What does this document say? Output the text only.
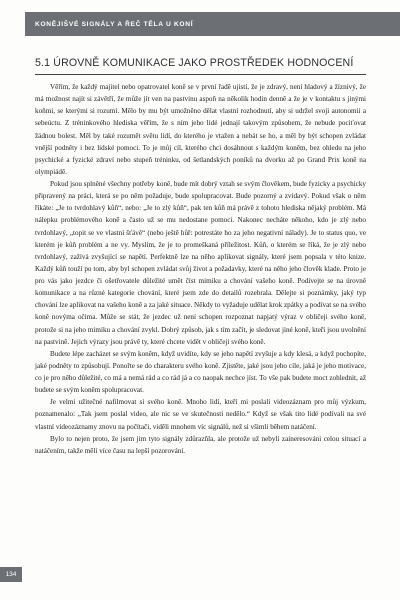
KONĚJIŠVÉ SIGNÁLY A ŘEČ TĚLA U KONÍ
5.1 ÚROVNĚ KOMUNIKACE JAKO PROSTŘEDEK HODNOCENÍ

Věřím, že každý majitel nebo opatrovatel koně se v první řadě ujistí, že je zdravý, není hladový a žíznivý, že má možnost najít si závětří, že může jít ven na pastvinu aspoň na několik hodin denně a že je v kontaktu s jinými koňmi, se kterými si rozumí. Mělo by mu být umožněno dělat vlastní rozhodnutí, aby si udržel svoji autonomii a sebeúctu. Z tréninkového hlediska věřím, že s ním jeho lidé jednají takovým způsobem, že nebude pociťovat žádnou bolest. Měl by také rozumět světu lidí, do kterého je vtažen a nebát se ho, a měl by být schopen zvládat vnější podněty i bez lidské pomoci. To je můj cíl, kterého chci dosáhnout s každým koněm, bez ohledu na jeho psychické a fyzické zdraví nebo stupeň tréninku, od šetlandských poníků na dvorku až po Grand Prix koně na olympiádě.

Pokud jsou splněné všechny potřeby koně, bude mít dobrý vztah se svým člověkem, bude fyzicky a psychicky připravený na práci, která se po něm požaduje, bude spolupracovat. Bude pozorný a zvídavý. Pokud však o něm říkáte: „Je to tvrdohlavý kůň“, nebo: „Je to zlý kůň“, pak ten kůň má právě z tohoto hlediska nějaký problém. Má nálepku problémového koně a často už se mu nedostane pomoci. Nakonec necháte někoho, kdo je zlý nebo tvrdohlavý, „topit se ve vlastní šťávě“ (nebo ještě hůř: potrestáte ho za jeho negativní nálady). Je to status quo, ve kterém je kůň problém a ne vy. Myslím, že je to promeškaná příležitost. Kůň, o kterém se říká, že je zlý nebo tvrdohlavý, zažívá zvyšující se napětí. Perfektně lze na něho aplikovat signály, které jsem popsala v této knize. Každý kůň touží po tom, aby byl schopen zvládat svůj život a požadavky, které na něho jeho člověk klade. Proto je pro vás jako jezdce či ošetřovatele důležité umět číst mimiku a chování vašeho koně. Podívejte se na úrovně komunikace a na různé kategorie chování, které jsem zde do detailů rozebrala. Dělejte si poznámky, jaký typ chování lze aplikovat na vašeho koně a za jaké situace. Někdy to vyžaduje udělat krok zpátky a podívat se na svého koně novýma očima. Může se stát, že jezdec už není schopen rozpoznat napjatý výraz v obličeji svého koně, protože si na jeho mimiku a chování zvykl. Dobrý způsob, jak s tím začít, je sledovat jiné koně, kteří jsou uvolnění na pastvině. Jejich výrazy jsou právě ty, které chcete vidět v obličeji svého koně.

Budete lépe zacházet se svým koněm, když uvidíte, kdy se jeho napětí zvyšuje a kdy klesá, a když pochopíte, jaké podněty to způsobují. Ponořte se do charakteru svého koně. Zjistěte, jaké jsou jeho cíle, jaká je jeho motivace, co je pro něho důležité, co má a nemá rád a co rád já a co naopak nechce jíst. To vše pak budete moct zohlednit, až budete se svým koněm spolupracovat.

Je velmi užitečné nafilmovat si svého koně. Mnoho lidí, kteří mi poslali videozáznam pro můj výzkum, poznamenalo: „Tak jsem poslal video, ale nic se ve skutečnosti nedělo.“ Když se však tito lidé podívali na své vlastní videozáznamy znovu na počítači, viděli mnohem víc signálů, než si všimli během natáčení.

Bylo to nejen proto, že jsem jim tyto signály zdůrazňla, ale protože už nebyli zaineresováni celou situací a natáčením, takže měli více času na lepší pozorování.

134
